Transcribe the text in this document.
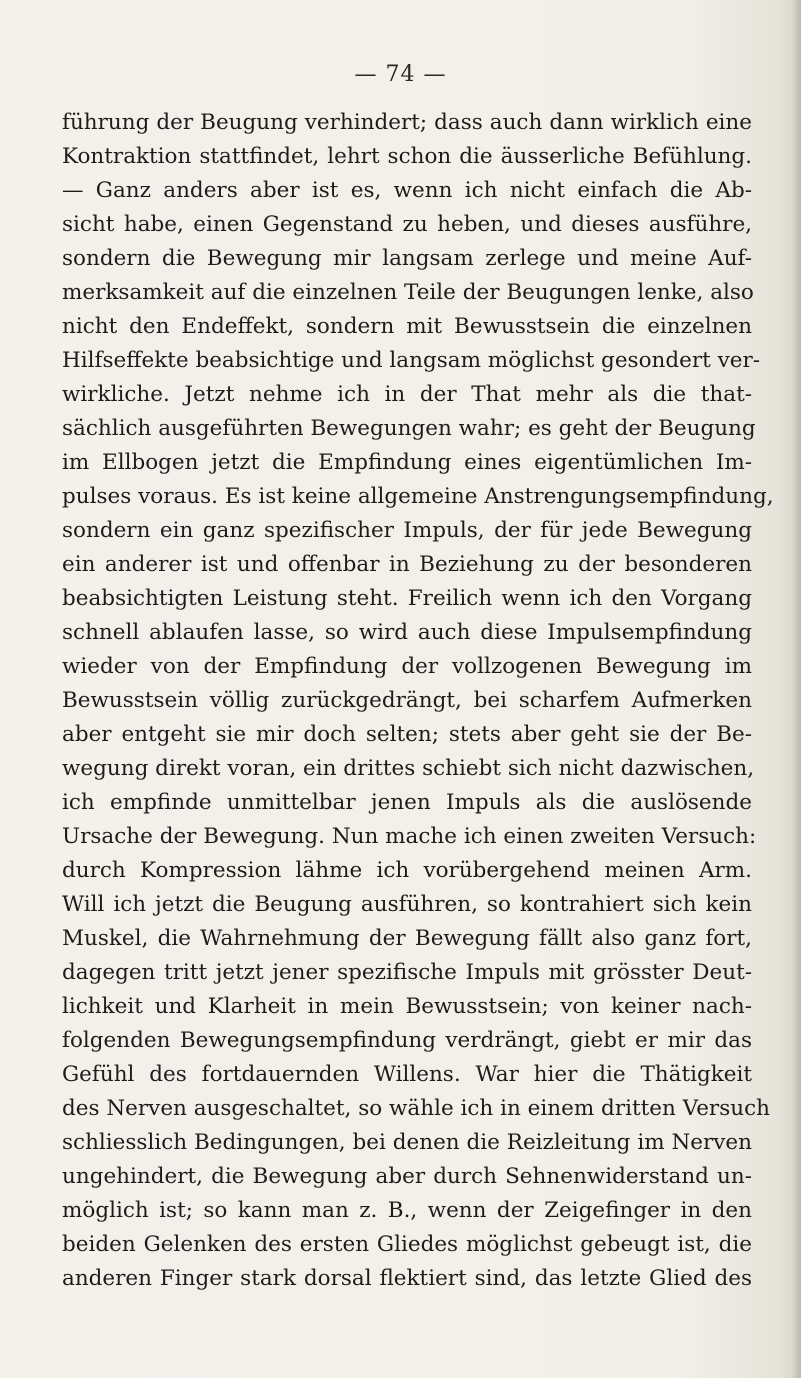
— 74 —
führung der Beugung verhindert; dass auch dann wirklich eine
Kontraktion stattfindet, lehrt schon die äusserliche Befühlung.
— Ganz anders aber ist es, wenn ich nicht einfach die Ab-
sicht habe, einen Gegenstand zu heben, und dieses ausführe,
sondern die Bewegung mir langsam zerlege und meine Auf-
merksamkeit auf die einzelnen Teile der Beugungen lenke, also
nicht den Endeffekt, sondern mit Bewusstsein die einzelnen
Hilfseffekte beabsichtige und langsam möglichst gesondert ver-
wirkliche. Jetzt nehme ich in der That mehr als die that-
sächlich ausgeführten Bewegungen wahr; es geht der Beugung
im Ellbogen jetzt die Empfindung eines eigentümlichen Im-
pulses voraus. Es ist keine allgemeine Anstrengungsempfindung,
sondern ein ganz spezifischer Impuls, der für jede Bewegung
ein anderer ist und offenbar in Beziehung zu der besonderen
beabsichtigten Leistung steht. Freilich wenn ich den Vorgang
schnell ablaufen lasse, so wird auch diese Impulsempfindung
wieder von der Empfindung der vollzogenen Bewegung im
Bewusstsein völlig zurückgedrängt, bei scharfem Aufmerken
aber entgeht sie mir doch selten; stets aber geht sie der Be-
wegung direkt voran, ein drittes schiebt sich nicht dazwischen,
ich empfinde unmittelbar jenen Impuls als die auslösende
Ursache der Bewegung. Nun mache ich einen zweiten Versuch:
durch Kompression lähme ich vorübergehend meinen Arm.
Will ich jetzt die Beugung ausführen, so kontrahiert sich kein
Muskel, die Wahrnehmung der Bewegung fällt also ganz fort,
dagegen tritt jetzt jener spezifische Impuls mit grösster Deut-
lichkeit und Klarheit in mein Bewusstsein; von keiner nach-
folgenden Bewegungsempfindung verdrängt, giebt er mir das
Gefühl des fortdauernden Willens. War hier die Thätigkeit
des Nerven ausgeschaltet, so wähle ich in einem dritten Versuch
schliesslich Bedingungen, bei denen die Reizleitung im Nerven
ungehindert, die Bewegung aber durch Sehnenwiderstand un-
möglich ist; so kann man z. B., wenn der Zeigefinger in den
beiden Gelenken des ersten Gliedes möglichst gebeugt ist, die
anderen Finger stark dorsal flektiert sind, das letzte Glied des
